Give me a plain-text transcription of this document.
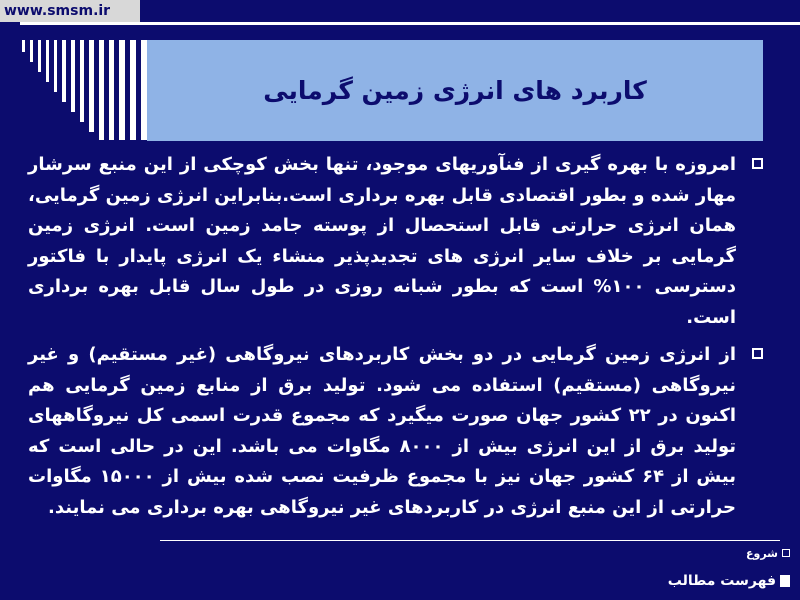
www.smsm.ir
کاربرد های انرژی زمین گرمایی
امروزه با بهره گیری از فنآوریهای موجود، تنها بخش کوچکی از این منبع سرشار مهار شده و بطور اقتصادی قابل بهره برداری است.بنابراین انرژی زمین گرمایی، همان انرژی حرارتی قابل استحصال از پوسته جامد زمین است. انرژی زمین گرمایی بر خلاف سایر انرژی های تجدیدپذیر منشاء یک انرژی پایدار با فاکتور دسترسی ۱۰۰% است که بطور شبانه روزی در طول سال قابل بهره برداری است.
از انرژی زمین گرمایی در دو بخش کاربردهای نیروگاهی (غیر مستقیم) و غیر نیروگاهی (مستقیم) استفاده می شود. تولید برق از منابع زمین گرمایی هم اکنون در ۲۲ کشور جهان صورت میگیرد که مجموع قدرت اسمی کل نیروگاههای تولید برق از این انرژی بیش از ۸۰۰۰ مگاوات می باشد. این در حالی است که بیش از ۶۴ کشور جهان نیز با مجموع ظرفیت نصب شده بیش از ۱۵۰۰۰ مگاوات حرارتی از این منبع انرژی در کاربردهای غیر نیروگاهی بهره برداری می نمایند.
شروع
فهرست مطالب
